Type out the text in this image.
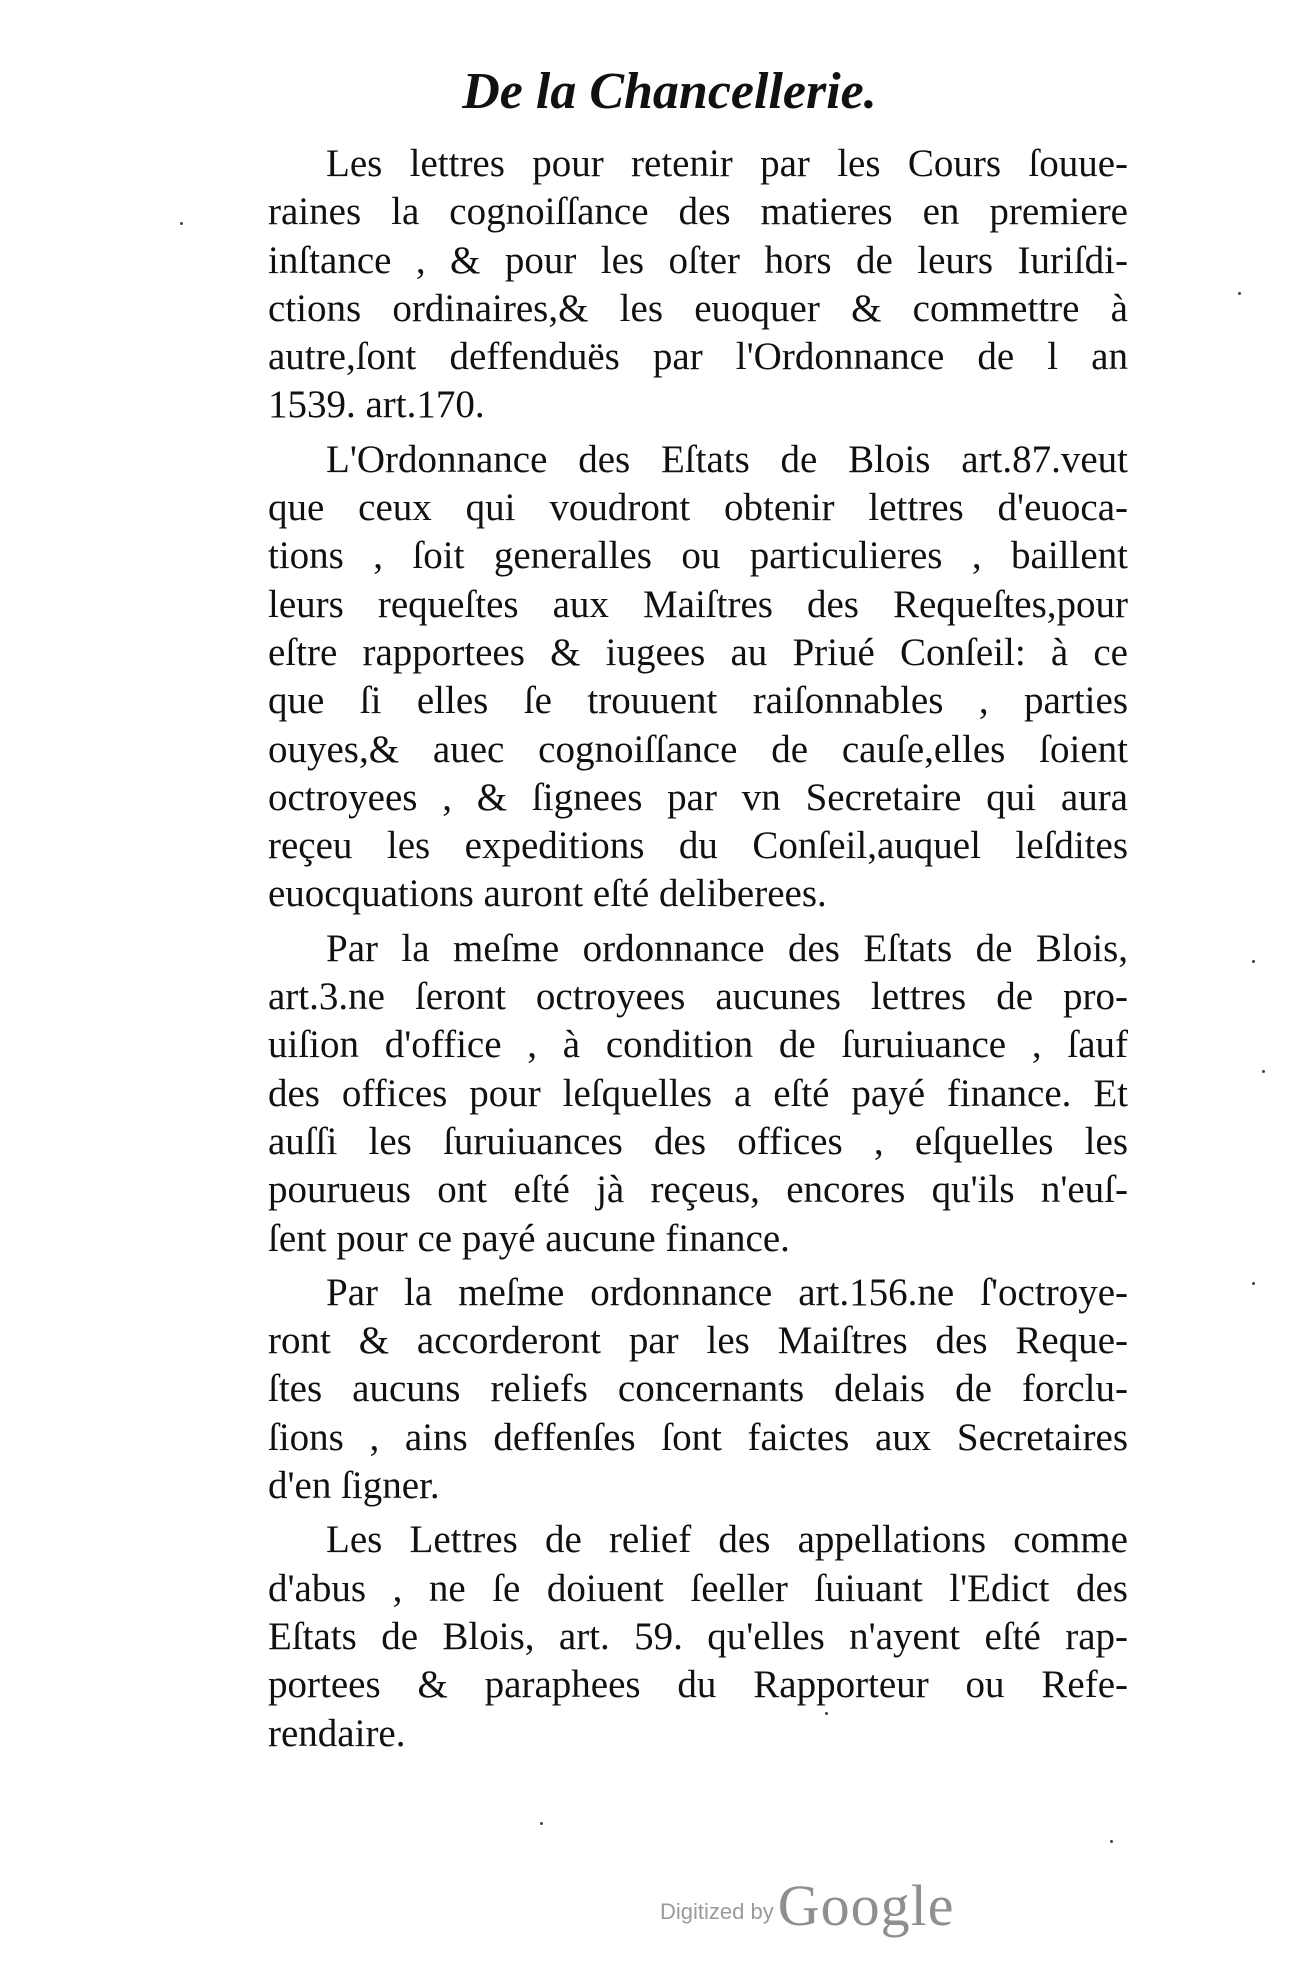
De la Chancellerie.

Les lettres pour retenir par les Cours ſouue-
raines la cognoiſſance des matieres en premiere
inſtance , & pour les oſter hors de leurs Iuriſdi-
ctions ordinaires,& les euoquer & commettre à
autre,ſont deffenduës par l'Ordonnance de l an
1539. art.170.

L'Ordonnance des Eſtats de Blois art.87.veut
que ceux qui voudront obtenir lettres d'euoca-
tions , ſoit generalles ou particulieres , baillent
leurs requeſtes aux Maiſtres des Requeſtes,pour
eſtre rapportees & iugees au Priué Conſeil: à ce
que ſi elles ſe trouuent raiſonnables , parties
ouyes,& auec cognoiſſance de cauſe,elles ſoient
octroyees , & ſignees par vn Secretaire qui aura
reçeu les expeditions du Conſeil,auquel leſdites
euocquations auront eſté deliberees.

Par la meſme ordonnance des Eſtats de Blois,
art.3.ne ſeront octroyees aucunes lettres de pro-
uiſion d'office , à condition de ſuruiuance , ſauf
des offices pour leſquelles a eſté payé finance. Et
auſſi les ſuruiuances des offices , eſquelles les
pourueus ont eſté jà reçeus, encores qu'ils n'euſ-
ſent pour ce payé aucune finance.

Par la meſme ordonnance art.156.ne ſ'octroye-
ront & accorderont par les Maiſtres des Reque-
ſtes aucuns reliefs concernants delais de forclu-
ſions , ains deffenſes ſont faictes aux Secretaires
d'en ſigner.

Les Lettres de relief des appellations comme
d'abus , ne ſe doiuent ſeeller ſuiuant l'Edict des
Eſtats de Blois, art. 59. qu'elles n'ayent eſté rap-
portees & paraphees du Rapporteur ou Refe-
rendaire.

Digitized byGoogle
